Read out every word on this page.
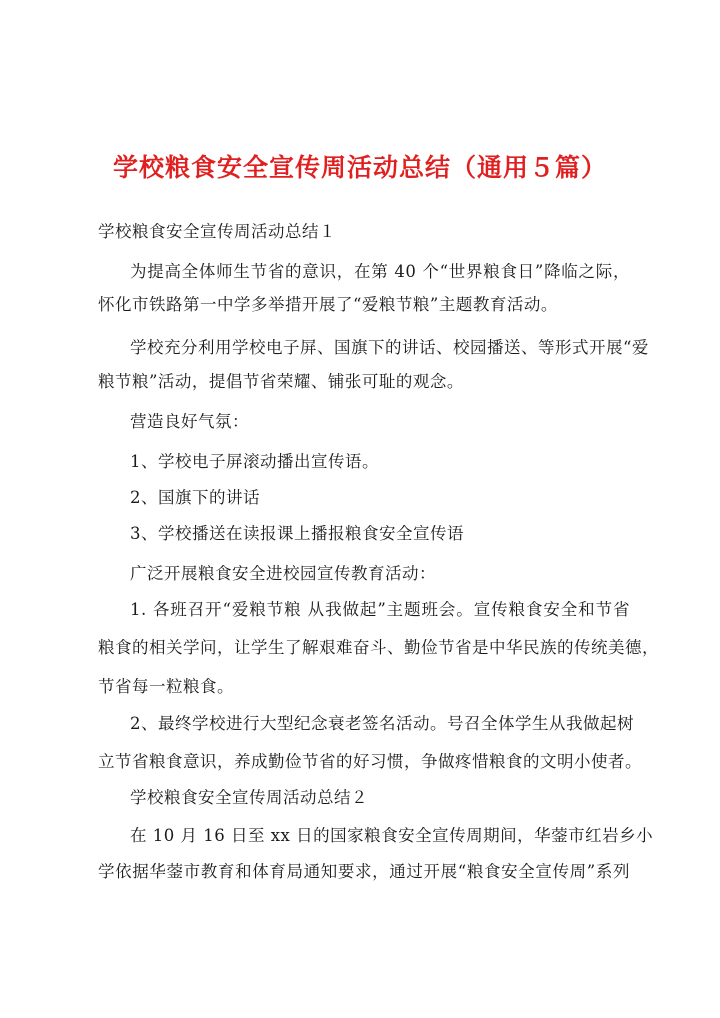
学校粮食安全宣传周活动总结（通用５篇）
学校粮食安全宣传周活动总结１
为提高全体师生节省的意识，在第 40 个“世界粮食日”降临之际，
怀化市铁路第一中学多举措开展了“爱粮节粮”主题教育活动。
学校充分利用学校电子屏、国旗下的讲话、校园播送、等形式开展“爱
粮节粮”活动，提倡节省荣耀、铺张可耻的观念。
营造良好气氛：
1、学校电子屏滚动播出宣传语。
2、国旗下的讲话
3、学校播送在读报课上播报粮食安全宣传语
广泛开展粮食安全进校园宣传教育活动：
1. 各班召开“爱粮节粮 从我做起”主题班会。宣传粮食安全和节省
粮食的相关学问，让学生了解艰难奋斗、勤俭节省是中华民族的传统美德，
节省每一粒粮食。
2、最终学校进行大型纪念衰老签名活动。号召全体学生从我做起树
立节省粮食意识，养成勤俭节省的好习惯，争做疼惜粮食的文明小使者。
学校粮食安全宣传周活动总结２
在 10 月 16 日至 xx 日的国家粮食安全宣传周期间，华蓥市红岩乡小
学依据华蓥市教育和体育局通知要求，通过开展“粮食安全宣传周”系列
